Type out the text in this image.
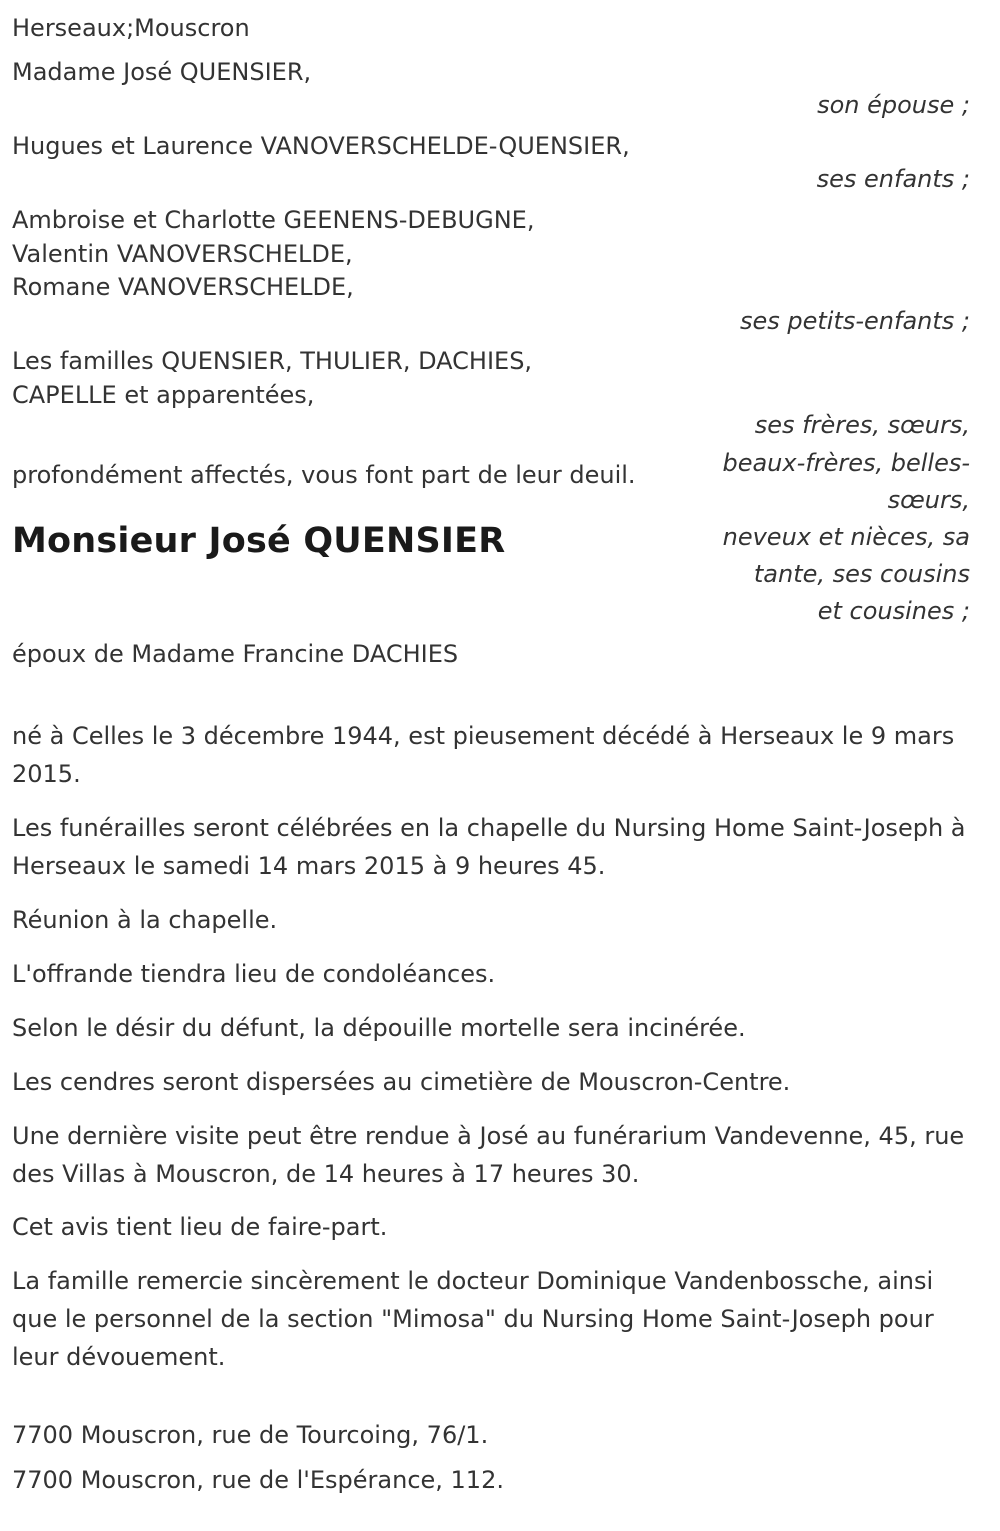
Herseaux;Mouscron

Madame José QUENSIER,

son épouse ;

Hugues et Laurence VANOVERSCHELDE-QUENSIER,

ses enfants ;

Ambroise et Charlotte GEENENS-DEBUGNE,

Valentin VANOVERSCHELDE,

Romane VANOVERSCHELDE,

ses petits-enfants ;

Les familles QUENSIER, THULIER, DACHIES,

CAPELLE et apparentées,

profondément affectés, vous font part de leur deuil.

Monsieur José QUENSIER
ses frères, sœurs,
beaux-frères, belles-
sœurs,
neveux et nièces, sa
tante, ses cousins
et cousines ;

époux de Madame Francine DACHIES

né à Celles le 3 décembre 1944, est pieusement décédé à Herseaux le 9 mars 2015.

Les funérailles seront célébrées en la chapelle du Nursing Home Saint-Joseph à Herseaux le samedi 14 mars 2015 à 9 heures 45.

Réunion à la chapelle.

L'offrande tiendra lieu de condoléances.

Selon le désir du défunt, la dépouille mortelle sera incinérée.

Les cendres seront dispersées au cimetière de Mouscron-Centre.

Une dernière visite peut être rendue à José au funérarium Vandevenne, 45, rue des Villas à Mouscron, de 14 heures à 17 heures 30.

Cet avis tient lieu de faire-part.

La famille remercie sincèrement le docteur Dominique Vandenbossche, ainsi que le personnel de la section "Mimosa" du Nursing Home Saint-Joseph pour leur dévouement.

7700 Mouscron, rue de Tourcoing, 76/1.

7700 Mouscron, rue de l'Espérance, 112.
